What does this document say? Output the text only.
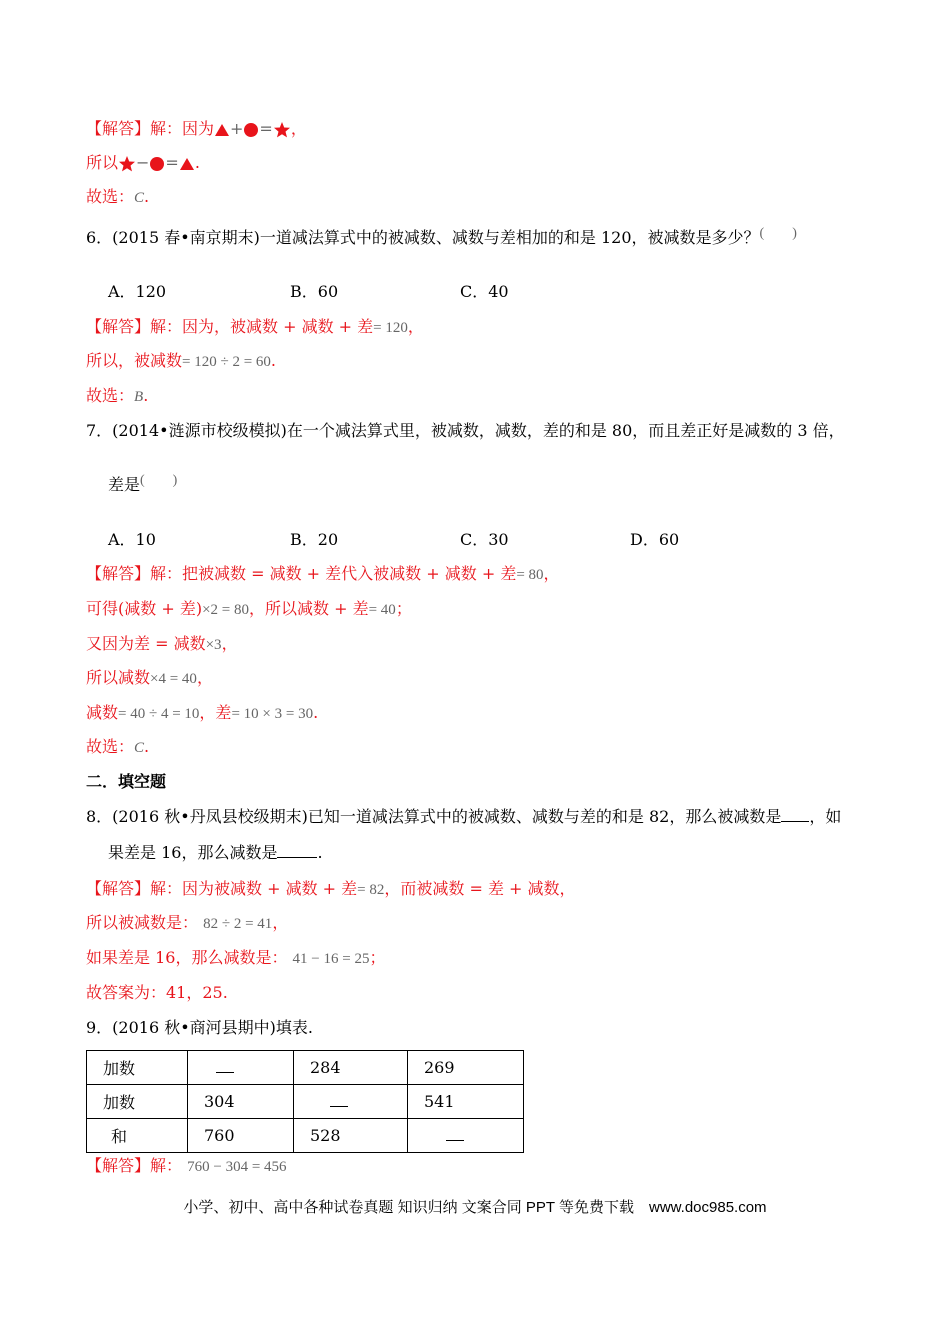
【解答】解：因为 + = ，
所以 − = .
故选：C.
6．(2015 春•南京期末)一道减法算式中的被减数、减数与差相加的和是 120，被减数是多少？(　　)
A．120	B．60	C．40
【解答】解：因为，被减数 + 减数 + 差= 120，
所以，被减数= 120 ÷ 2 = 60.
故选：B.
7．(2014•涟源市校级模拟)在一个减法算式里，被减数，减数，差的和是 80，而且差正好是减数的 3 倍，
差是(　　)
A．10	B．20	C．30	D．60
【解答】解：把被减数 = 减数 + 差代入被减数 + 减数 + 差= 80，
可得(减数 + 差)×2 = 80，所以减数 + 差= 40；
又因为差 = 减数×3，
所以减数×4 = 40，
减数= 40 ÷ 4 = 10，差= 10 × 3 = 30.
故选：C.
二．填空题
8．(2016 秋•丹凤县校级期末)已知一道减法算式中的被减数、减数与差的和是 82，那么被减数是 ，如
果差是 16，那么减数是	.
【解答】解：因为被减数 + 减数 + 差= 82，而被减数 = 差 + 减数，
所以被减数是： 82 ÷ 2 = 41，
如果差是 16，那么减数是： 41 − 16 = 25；
故答案为：41，25.
9．(2016 秋•商河县期中)填表.
加数		284	269
加数	304		541
和	760	528	
【解答】解： 760 − 304 = 456
小学、初中、高中各种试卷真题 知识归纳 文案合同 PPT 等免费下载　www.doc985.com
